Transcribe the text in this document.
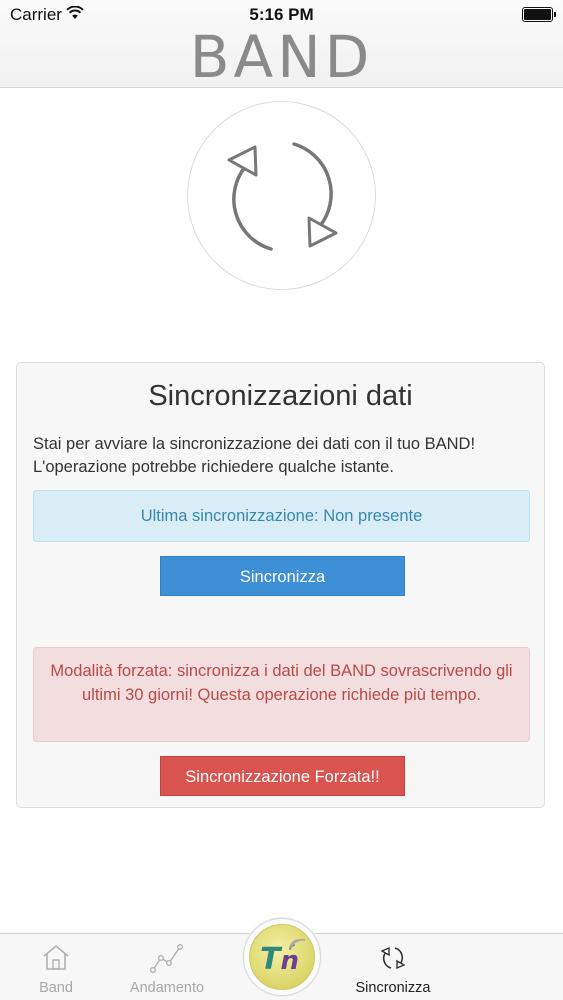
Carrier	5:16 PM
BAND
Sincronizzazioni dati
Stai per avviare la sincronizzazione dei dati con il tuo BAND! L'operazione potrebbe richiedere qualche istante.
Ultima sincronizzazione: Non presente
Sincronizza
Modalità forzata: sincronizza i dati del BAND sovrascrivendo gli ultimi 30 giorni! Questa operazione richiede più tempo.
Sincronizzazione Forzata!!
Band	Andamento	Sincronizza
Tn
